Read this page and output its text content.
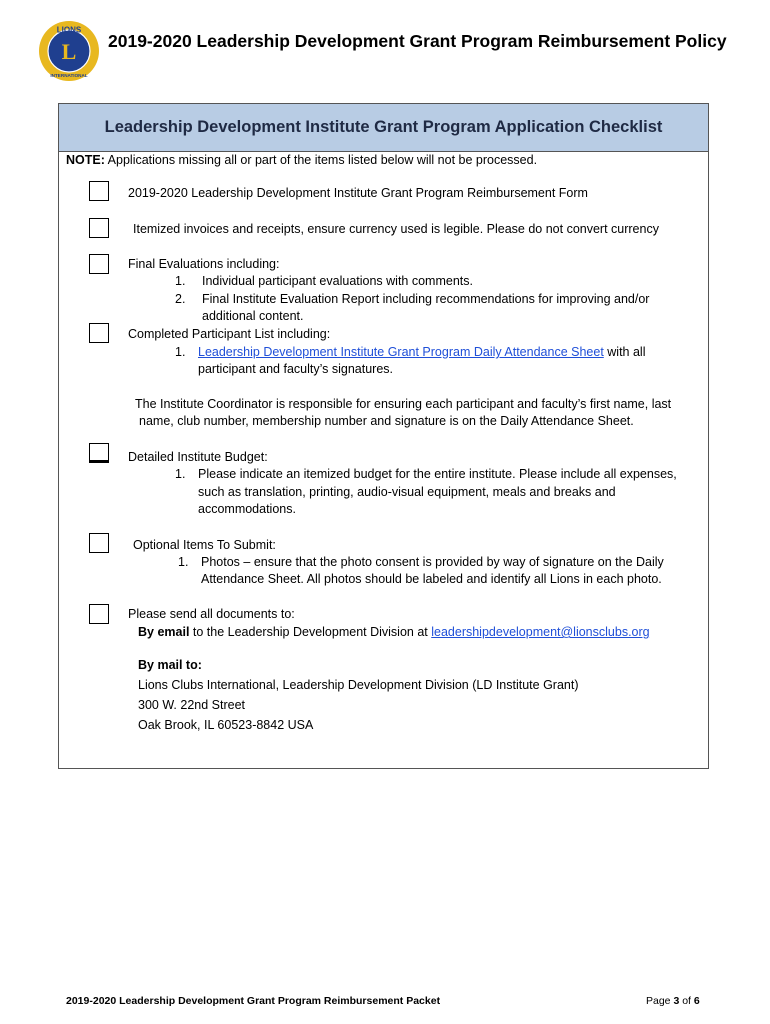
LIONS
L
INTERNATIONAL
2019-2020 Leadership Development Grant Program Reimbursement Policy
Leadership Development Institute Grant Program Application Checklist
NOTE: Applications missing all or part of the items listed below will not be processed.
2019-2020 Leadership Development Institute Grant Program Reimbursement Form
Itemized invoices and receipts, ensure currency used is legible. Please do not convert currency
Final Evaluations including:
1. Individual participant evaluations with comments.
2. Final Institute Evaluation Report including recommendations for improving and/or
additional content.
Completed Participant List including:
1. Leadership Development Institute Grant Program Daily Attendance Sheet with all
participant and faculty’s signatures.
The Institute Coordinator is responsible for ensuring each participant and faculty’s first name, last
name, club number, membership number and signature is on the Daily Attendance Sheet.
Detailed Institute Budget:
1. Please indicate an itemized budget for the entire institute. Please include all expenses,
such as translation, printing, audio-visual equipment, meals and breaks and
accommodations.
Optional Items To Submit:
1. Photos – ensure that the photo consent is provided by way of signature on the Daily
Attendance Sheet. All photos should be labeled and identify all Lions in each photo.
Please send all documents to:
By email to the Leadership Development Division at leadershipdevelopment@lionsclubs.org
By mail to:
Lions Clubs International, Leadership Development Division (LD Institute Grant)
300 W. 22nd Street
Oak Brook, IL 60523-8842 USA
2019-2020 Leadership Development Grant Program Reimbursement Packet	Page 3 of 6
